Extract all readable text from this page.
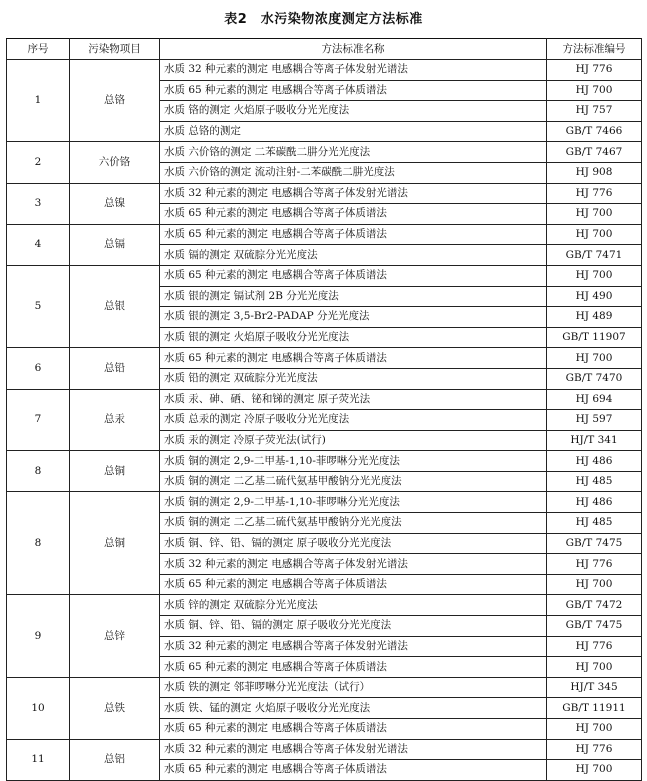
表2　水污染物浓度测定方法标准
序号	污染物项目	方法标准名称	方法标准编号
1	总铬	水质 32 种元素的测定 电感耦合等离子体发射光谱法	HJ 776
		水质 65 种元素的测定 电感耦合等离子体质谱法	HJ 700
		水质 铬的测定 火焰原子吸收分光光度法	HJ 757
		水质 总铬的测定	GB/T 7466
2	六价铬	水质 六价铬的测定 二苯碳酰二肼分光光度法	GB/T 7467
		水质 六价铬的测定 流动注射-二苯碳酰二肼光度法	HJ 908
3	总镍	水质 32 种元素的测定 电感耦合等离子体发射光谱法	HJ 776
		水质 65 种元素的测定 电感耦合等离子体质谱法	HJ 700
4	总镉	水质 65 种元素的测定 电感耦合等离子体质谱法	HJ 700
		水质 镉的测定 双硫腙分光光度法	GB/T 7471
5	总银	水质 65 种元素的测定 电感耦合等离子体质谱法	HJ 700
		水质 银的测定 镉试剂 2B 分光光度法	HJ 490
		水质 银的测定 3,5-Br2-PADAP 分光光度法	HJ 489
		水质 银的测定 火焰原子吸收分光光度法	GB/T 11907
6	总铅	水质 65 种元素的测定 电感耦合等离子体质谱法	HJ 700
		水质 铅的测定 双硫腙分光光度法	GB/T 7470
7	总汞	水质 汞、砷、硒、铋和锑的测定 原子荧光法	HJ 694
		水质 总汞的测定 冷原子吸收分光光度法	HJ 597
		水质 汞的测定 冷原子荧光法(试行)	HJ/T 341
8	总铜	水质 铜的测定 2,9-二甲基-1,10-菲啰啉分光光度法	HJ 486
		水质 铜的测定 二乙基二硫代氨基甲酸钠分光光度法	HJ 485
8	总铜	水质 铜的测定 2,9-二甲基-1,10-菲啰啉分光光度法	HJ 486
		水质 铜的测定 二乙基二硫代氨基甲酸钠分光光度法	HJ 485
		水质 铜、锌、铅、镉的测定 原子吸收分光光度法	GB/T 7475
		水质 32 种元素的测定 电感耦合等离子体发射光谱法	HJ 776
		水质 65 种元素的测定 电感耦合等离子体质谱法	HJ 700
9	总锌	水质 锌的测定 双硫腙分光光度法	GB/T 7472
		水质 铜、锌、铅、镉的测定 原子吸收分光光度法	GB/T 7475
		水质 32 种元素的测定 电感耦合等离子体发射光谱法	HJ 776
		水质 65 种元素的测定 电感耦合等离子体质谱法	HJ 700
10	总铁	水质 铁的测定 邻菲啰啉分光光度法（试行）	HJ/T 345
		水质 铁、锰的测定 火焰原子吸收分光光度法	GB/T 11911
		水质 65 种元素的测定 电感耦合等离子体质谱法	HJ 700
11	总铝	水质 32 种元素的测定 电感耦合等离子体发射光谱法	HJ 776
		水质 65 种元素的测定 电感耦合等离子体质谱法	HJ 700
